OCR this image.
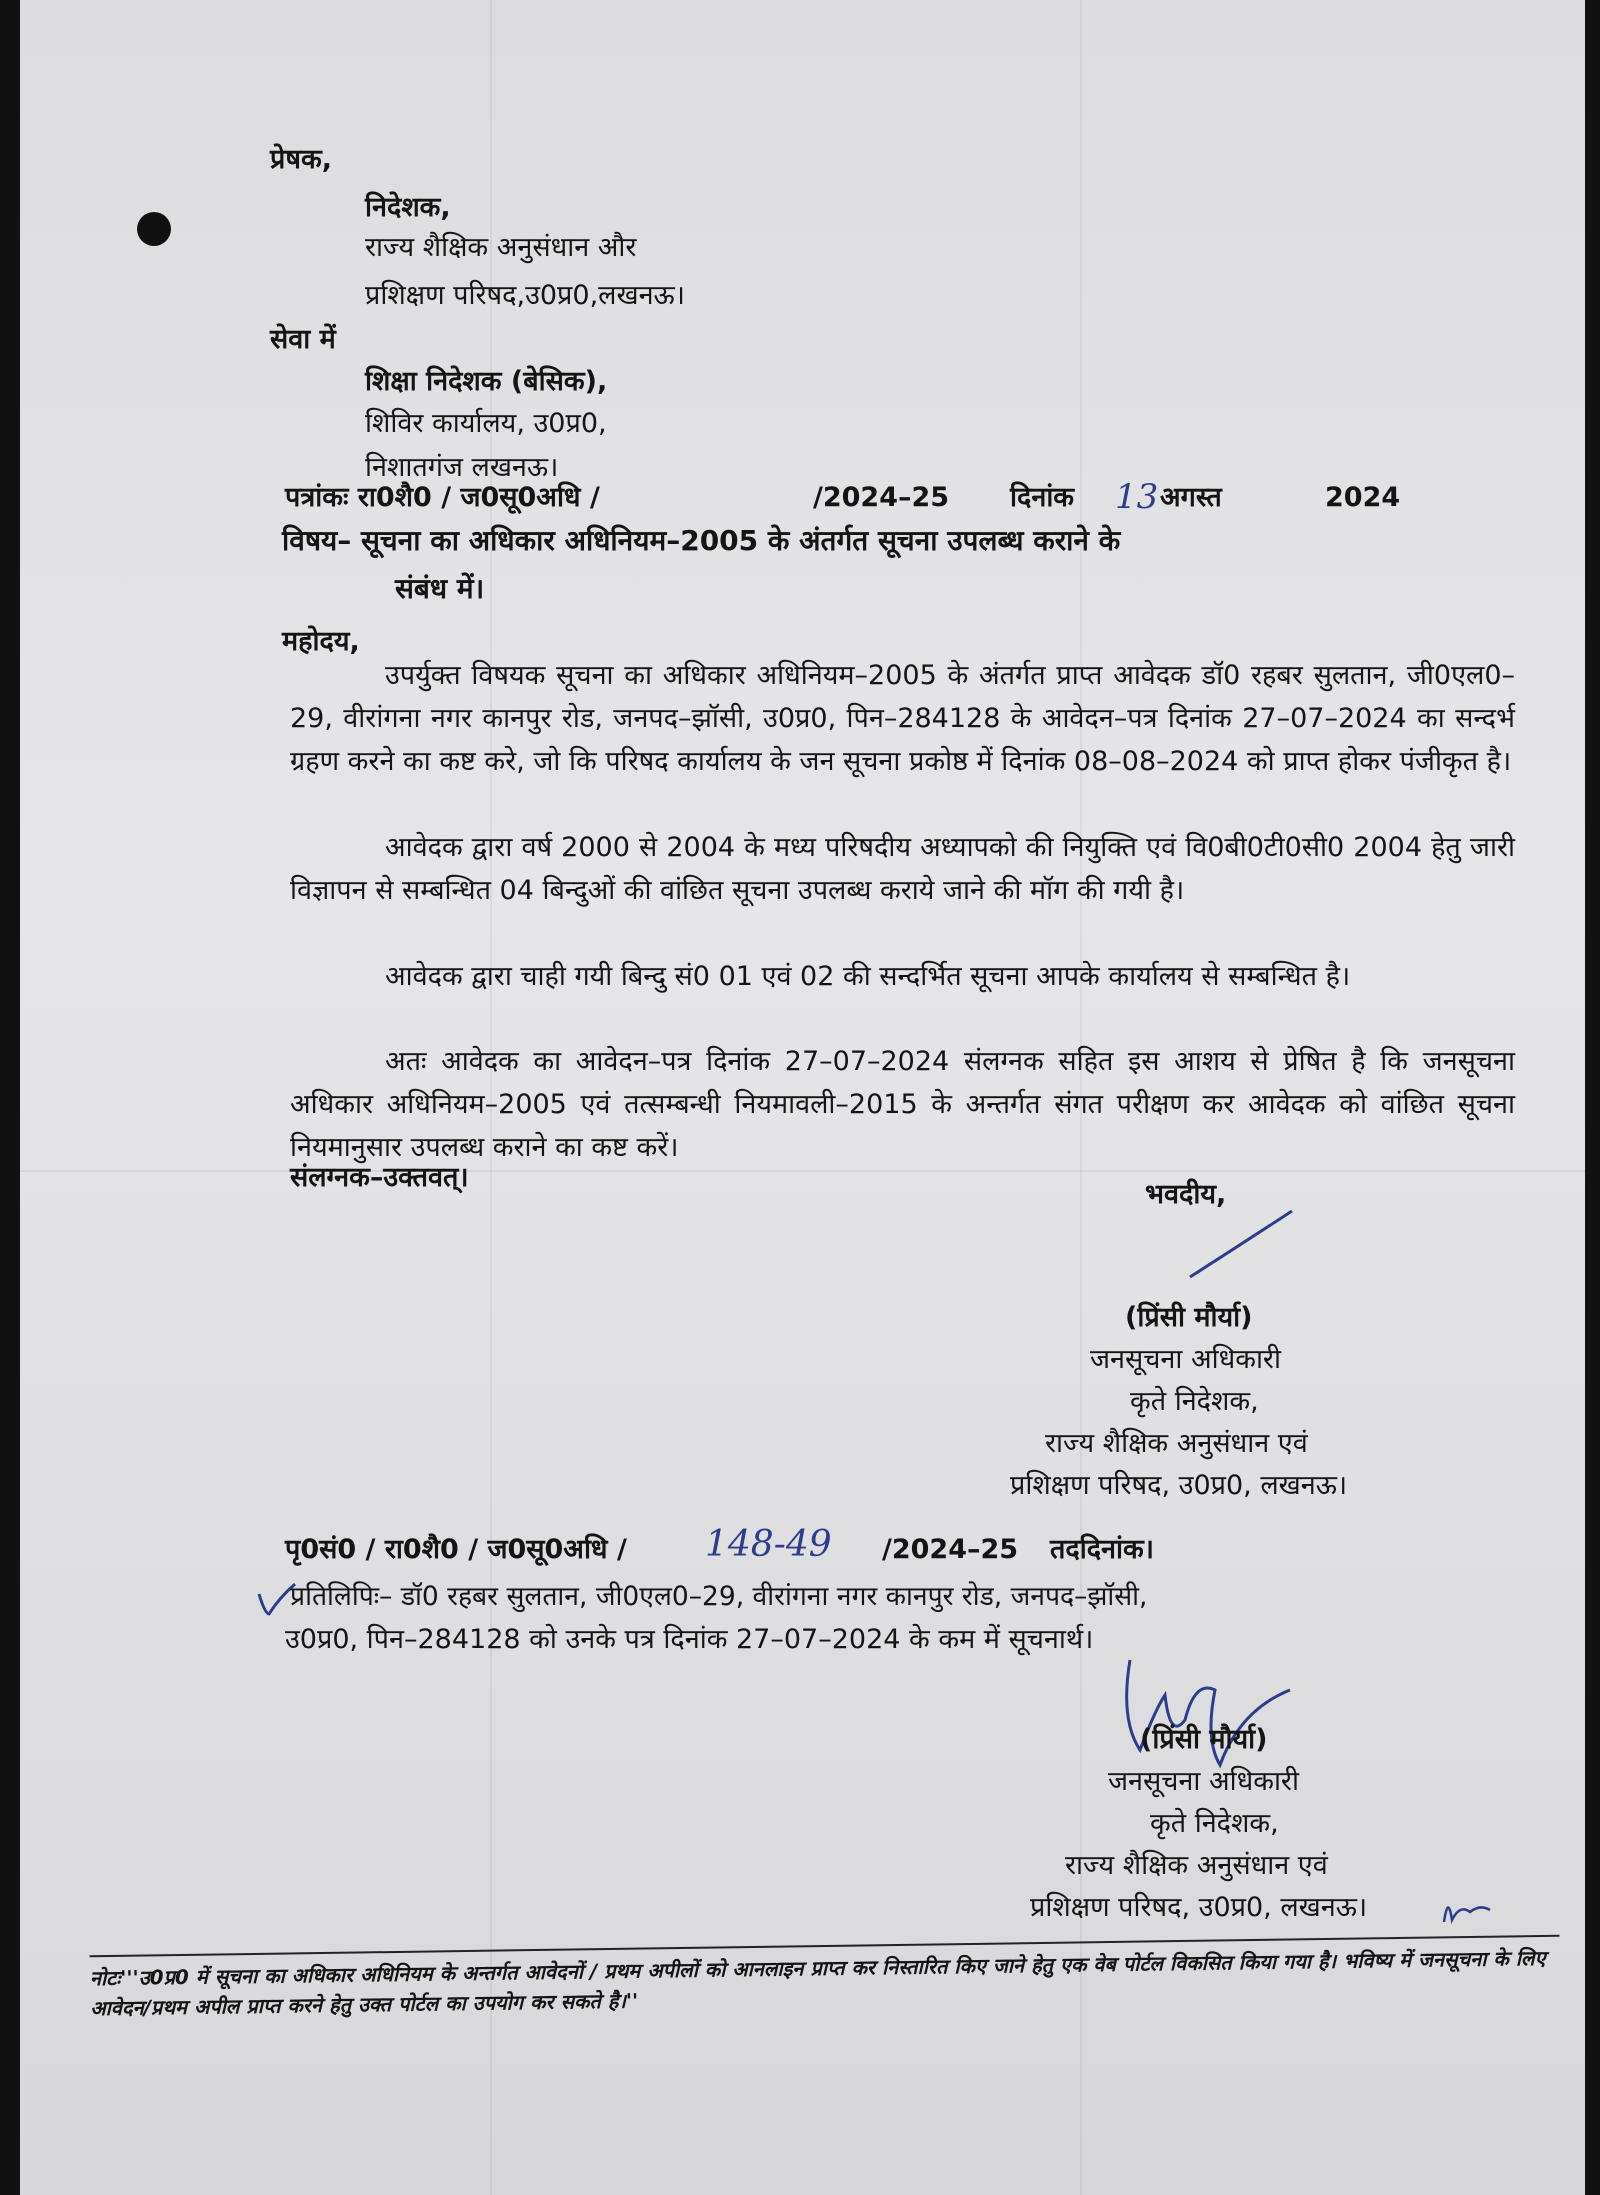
प्रेषक,
निदेशक,
राज्य शैक्षिक अनुसंधान और
प्रशिक्षण परिषद,उ0प्र0,लखनऊ।
सेवा में
शिक्षा निदेशक (बेसिक),
शिविर कार्यालय, उ0प्र0,
निशातगंज लखनऊ।
पत्रांकः रा0शै0 / ज0सू0अधि /	/2024–25 दिनांक 13 अगस्त	2024
विषय– सूचना का अधिकार अधिनियम–2005 के अंतर्गत सूचना उपलब्ध कराने के
संबंध में।
महोदय,

उपर्युक्त विषयक सूचना का अधिकार अधिनियम–2005 के अंतर्गत प्राप्त आवेदक डॉ0 रहबर सुलतान, जी0एल0–29, वीरांगना नगर कानपुर रोड, जनपद–झॉसी, उ0प्र0, पिन–284128 के आवेदन–पत्र दिनांक 27–07–2024 का सन्दर्भ ग्रहण करने का कष्ट करे, जो कि परिषद कार्यालय के जन सूचना प्रकोष्ठ में दिनांक 08–08–2024 को प्राप्त होकर पंजीकृत है।

आवेदक द्वारा वर्ष 2000 से 2004 के मध्य परिषदीय अध्यापको की नियुक्ति एवं वि0बी0टी0सी0 2004 हेतु जारी विज्ञापन से सम्बन्धित 04 बिन्दुओं की वांछित सूचना उपलब्ध कराये जाने की मॉग की गयी है।

आवेदक द्वारा चाही गयी बिन्दु सं0 01 एवं 02 की सन्दर्भित सूचना आपके कार्यालय से सम्बन्धित है।

अतः आवेदक का आवेदन–पत्र दिनांक 27–07–2024 संलग्नक सहित इस आशय से प्रेषित है कि जनसूचना अधिकार अधिनियम–2005 एवं तत्सम्बन्धी नियमावली–2015 के अन्तर्गत संगत परीक्षण कर आवेदक को वांछित सूचना नियमानुसार उपलब्ध कराने का कष्ट करें।

संलग्नक–उक्तवत्।
भवदीय,
(प्रिंसी मौर्या)
जनसूचना अधिकारी
कृते निदेशक,
राज्य शैक्षिक अनुसंधान एवं
प्रशिक्षण परिषद, उ0प्र0, लखनऊ।
पृ0सं0 / रा0शै0 / ज0सू0अधि / 148-49 /2024–25 तददिनांक।
प्रतिलिपिः– डॉ0 रहबर सुलतान, जी0एल0–29, वीरांगना नगर कानपुर रोड, जनपद–झॉसी,
उ0प्र0, पिन–284128 को उनके पत्र दिनांक 27–07–2024 के कम में सूचनार्थ।
(प्रिंसी मौर्या)
जनसूचना अधिकारी
कृते निदेशक,
राज्य शैक्षिक अनुसंधान एवं
प्रशिक्षण परिषद, उ0प्र0, लखनऊ।
नोटः'''उ0प्र0 में सूचना का अधिकार अधिनियम के अन्तर्गत आवेदनों / प्रथम अपीलों को आनलाइन प्राप्त कर निस्तारित किए जाने हेतु एक वेब पोर्टल विकसित किया गया है। भविष्य में जनसूचना के लिए आवेदन/प्रथम अपील प्राप्त करने हेतु उक्त पोर्टल का उपयोग कर सकते है।''
